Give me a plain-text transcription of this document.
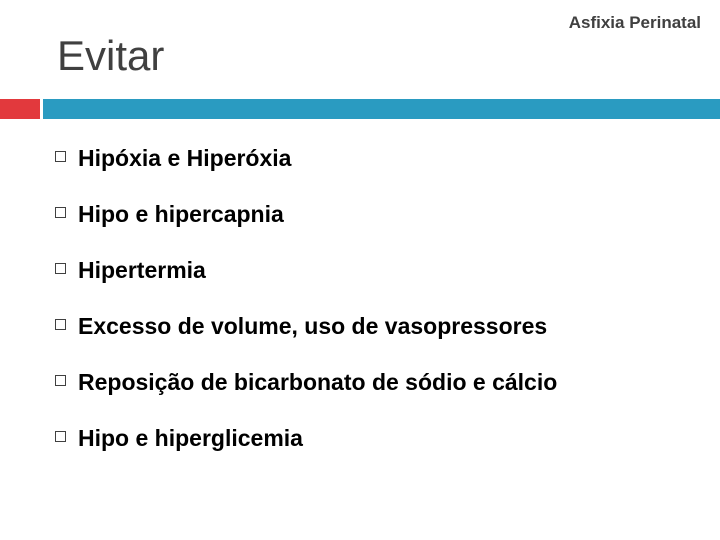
Asfixia Perinatal
Evitar
Hipóxia e Hiperóxia
Hipo e hipercapnia
Hipertermia
Excesso de volume, uso de vasopressores
Reposição de bicarbonato de sódio e cálcio
Hipo e hiperglicemia
